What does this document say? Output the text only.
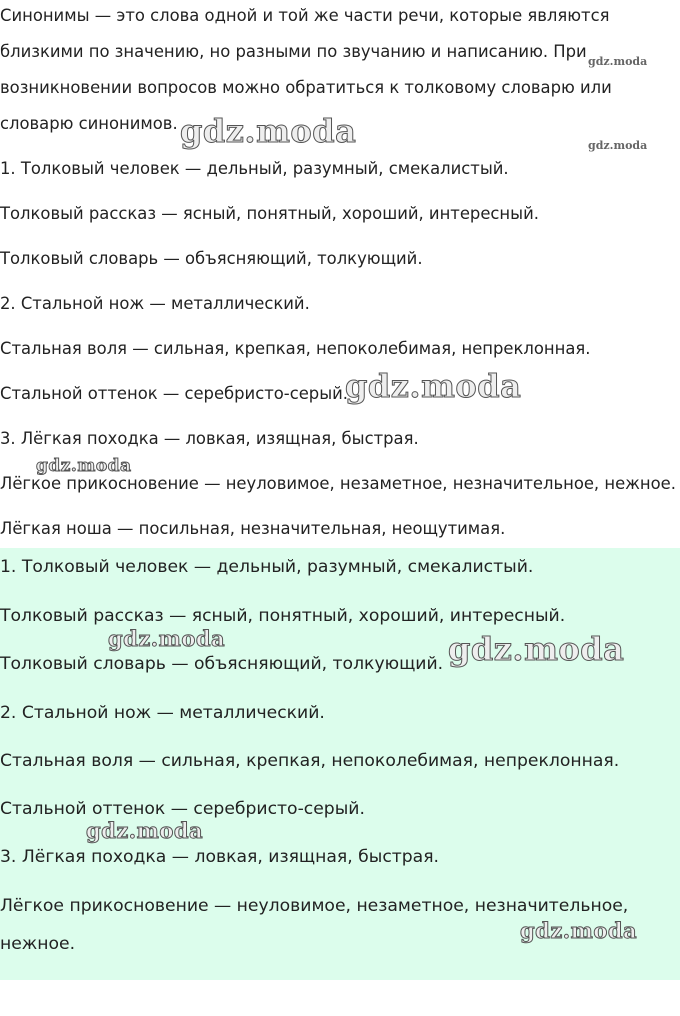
Синонимы — это слова одной и той же части речи, которые являются

близкими по значению, но разными по звучанию и написанию. При

возникновении вопросов можно обратиться к толковому словарю или

словарю синонимов.

1. Толковый человек — дельный, разумный, смекалистый.

Толковый рассказ — ясный, понятный, хороший, интересный.

Толковый словарь — объясняющий, толкующий.

2. Стальной нож — металлический.

Стальная воля — сильная, крепкая, непоколебимая, непреклонная.

Стальной оттенок — серебристо-серый.

3. Лёгкая походка — ловкая, изящная, быстрая.

Лёгкое прикосновение — неуловимое, незаметное, незначительное, нежное.

Лёгкая ноша — посильная, незначительная, неощутимая.

1. Толковый человек — дельный, разумный, смекалистый.

Толковый рассказ — ясный, понятный, хороший, интересный.

Толковый словарь — объясняющий, толкующий.

2. Стальной нож — металлический.

Стальная воля — сильная, крепкая, непоколебимая, непреклонная.

Стальной оттенок — серебристо-серый.

3. Лёгкая походка — ловкая, изящная, быстрая.

Лёгкое прикосновение — неуловимое, незаметное, незначительное,

нежное.

gdz.moda
gdz.moda	gdz.moda
gdz.moda
gdz.moda
gdz.moda	gdz.moda
gdz.moda
gdz.moda
